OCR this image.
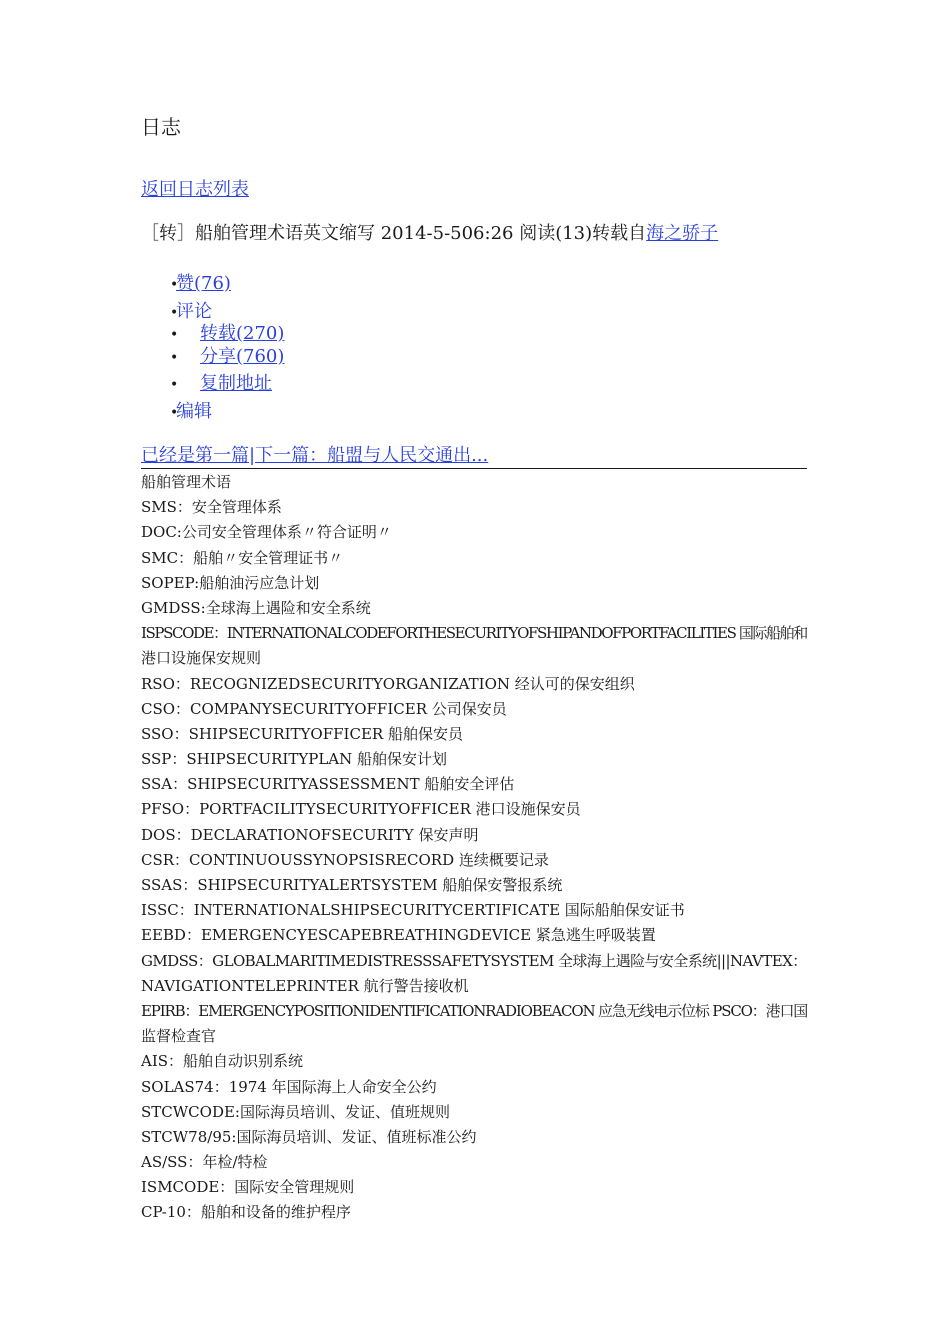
日志
返回日志列表
［转］船舶管理术语英文缩写 2014-5-506:26 阅读(13)转载自海之骄子
•赞(76)
•评论
• 转载(270)
• 分享(760)
• 复制地址
•编辑
已经是第一篇|下一篇：船盟与人民交通出...
船舶管理术语
SMS：安全管理体系
DOC:公司安全管理体系〃符合证明〃
SMC：船舶〃安全管理证书〃
SOPEP:船舶油污应急计划
GMDSS:全球海上遇险和安全系统
ISPSCODE：INTERNATIONALCODEFORTHESECURITYOFSHIPANDOFPORTFACILITIES 国际船舶和
港口设施保安规则
RSO：RECOGNIZEDSECURITYORGANIZATION 经认可的保安组织
CSO：COMPANYSECURITYOFFICER 公司保安员
SSO：SHIPSECURITYOFFICER 船舶保安员
SSP：SHIPSECURITYPLAN 船舶保安计划
SSA：SHIPSECURITYASSESSMENT 船舶安全评估
PFSO：PORTFACILITYSECURITYOFFICER 港口设施保安员
DOS：DECLARATIONOFSECURITY 保安声明
CSR：CONTINUOUSSYNOPSISRECORD 连续概要记录
SSAS：SHIPSECURITYALERTSYSTEM 船舶保安警报系统
ISSC：INTERNATIONALSHIPSECURITYCERTIFICATE 国际船舶保安证书
EEBD：EMERGENCYESCAPEBREATHINGDEVICE 紧急逃生呼吸装置
GMDSS：GLOBALMARITIMEDISTRESSSAFETYSYSTEM 全球海上遇险与安全系统|||NAVTEX：
NAVIGATIONTELEPRINTER 航行警告接收机
EPIRB：EMERGENCYPOSITIONIDENTIFICATIONRADIOBEACON 应急无线电示位标 PSCO：港口国
监督检查官
AIS：船舶自动识别系统
SOLAS74：1974 年国际海上人命安全公约
STCWCODE:国际海员培训、发证、值班规则
STCW78/95:国际海员培训、发证、值班标准公约
AS/SS：年检/特检
ISMCODE：国际安全管理规则
CP-10：船舶和设备的维护程序
